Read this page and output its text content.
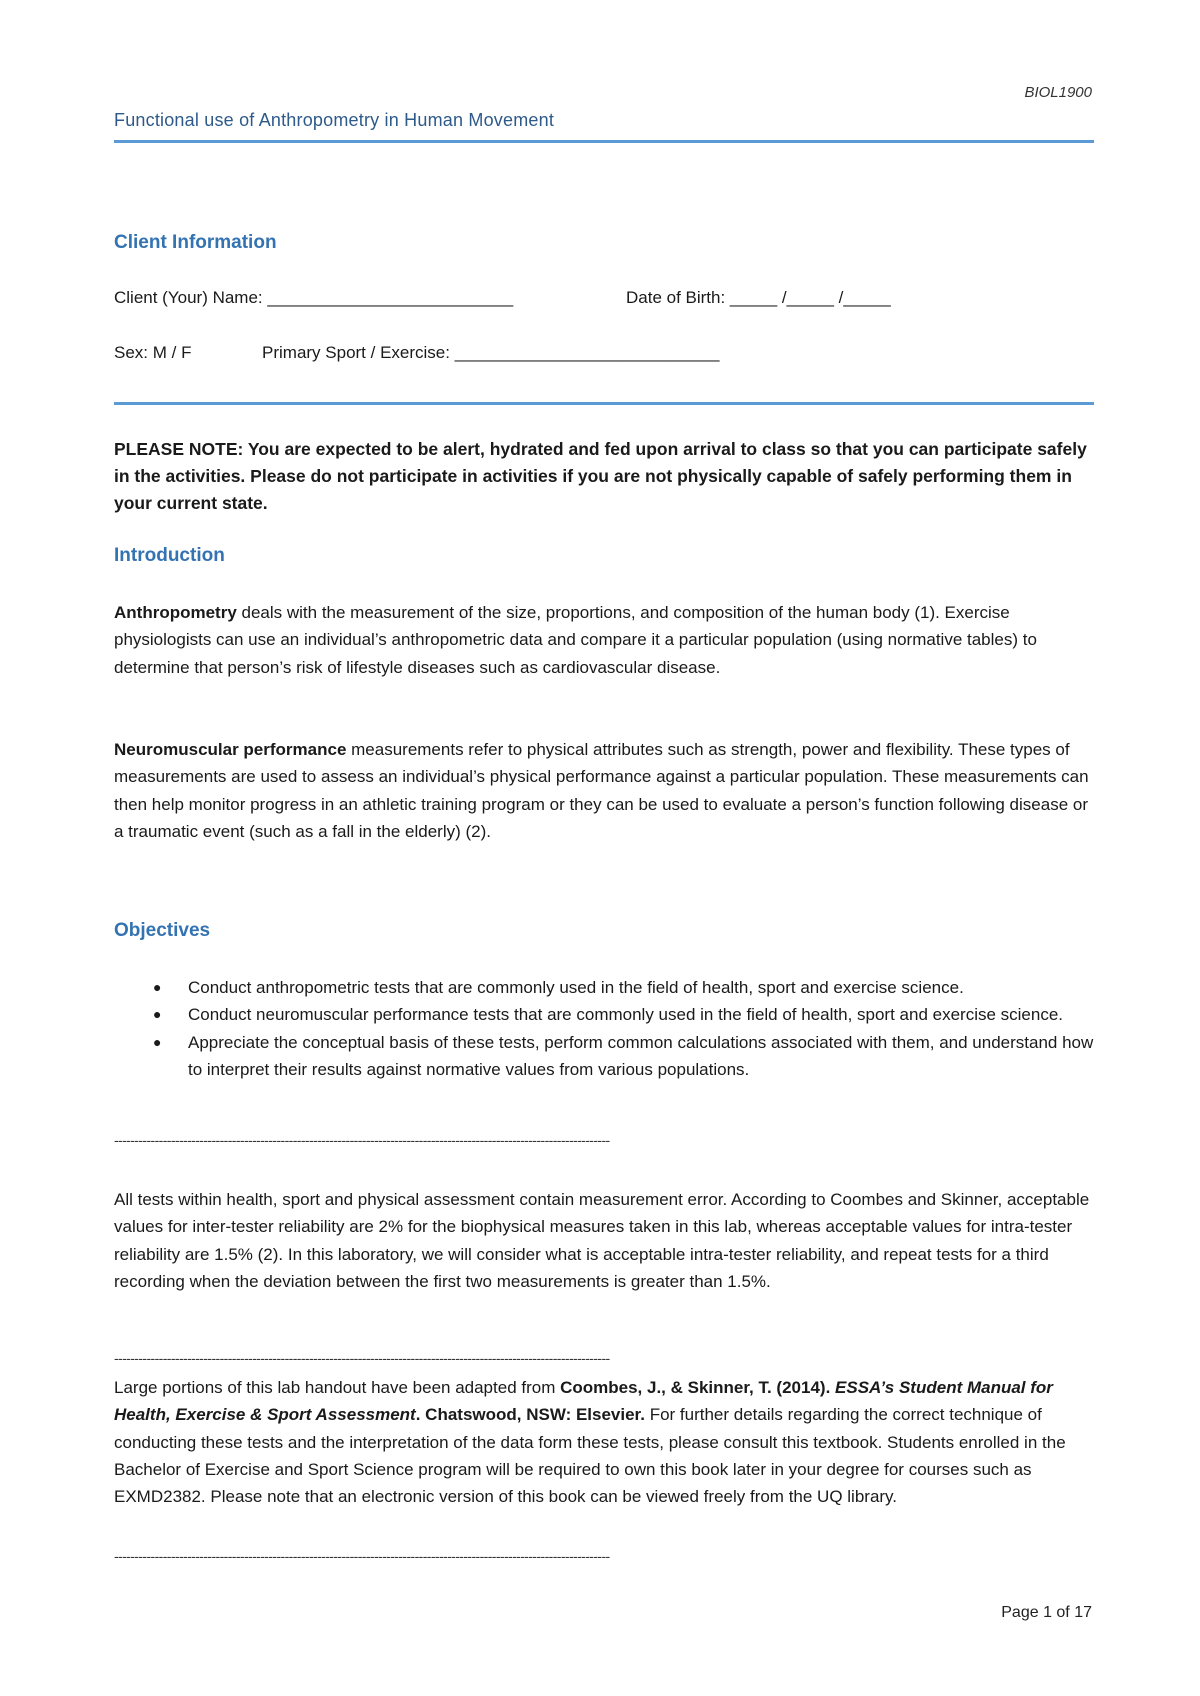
BIOL1900
Functional use of Anthropometry in Human Movement
Client Information
Client (Your) Name: __________________________	Date of Birth: _____ /_____ /_____
Sex: M / F	Primary Sport / Exercise: ____________________________
PLEASE NOTE: You are expected to be alert, hydrated and fed upon arrival to class so that you can participate safely in the activities. Please do not participate in activities if you are not physically capable of safely performing them in your current state.
Introduction
Anthropometry deals with the measurement of the size, proportions, and composition of the human body (1). Exercise physiologists can use an individual’s anthropometric data and compare it a particular population (using normative tables) to determine that person’s risk of lifestyle diseases such as cardiovascular disease.
Neuromuscular performance measurements refer to physical attributes such as strength, power and flexibility. These types of measurements are used to assess an individual’s physical performance against a particular population. These measurements can then help monitor progress in an athletic training program or they can be used to evaluate a person’s function following disease or a traumatic event (such as a fall in the elderly) (2).
Objectives
● Conduct anthropometric tests that are commonly used in the field of health, sport and exercise science.
● Conduct neuromuscular performance tests that are commonly used in the field of health, sport and exercise science.
● Appreciate the conceptual basis of these tests, perform common calculations associated with them, and understand how to interpret their results against normative values from various populations.
--------------------------------------------------------------------------------------------------------------------------
All tests within health, sport and physical assessment contain measurement error. According to Coombes and Skinner, acceptable values for inter-tester reliability are 2% for the biophysical measures taken in this lab, whereas acceptable values for intra-tester reliability are 1.5% (2). In this laboratory, we will consider what is acceptable intra-tester reliability, and repeat tests for a third recording when the deviation between the first two measurements is greater than 1.5%.
--------------------------------------------------------------------------------------------------------------------------
Large portions of this lab handout have been adapted from Coombes, J., & Skinner, T. (2014). ESSA’s Student Manual for Health, Exercise & Sport Assessment. Chatswood, NSW: Elsevier. For further details regarding the correct technique of conducting these tests and the interpretation of the data form these tests, please consult this textbook. Students enrolled in the Bachelor of Exercise and Sport Science program will be required to own this book later in your degree for courses such as EXMD2382. Please note that an electronic version of this book can be viewed freely from the UQ library.
--------------------------------------------------------------------------------------------------------------------------
Page 1 of 17
